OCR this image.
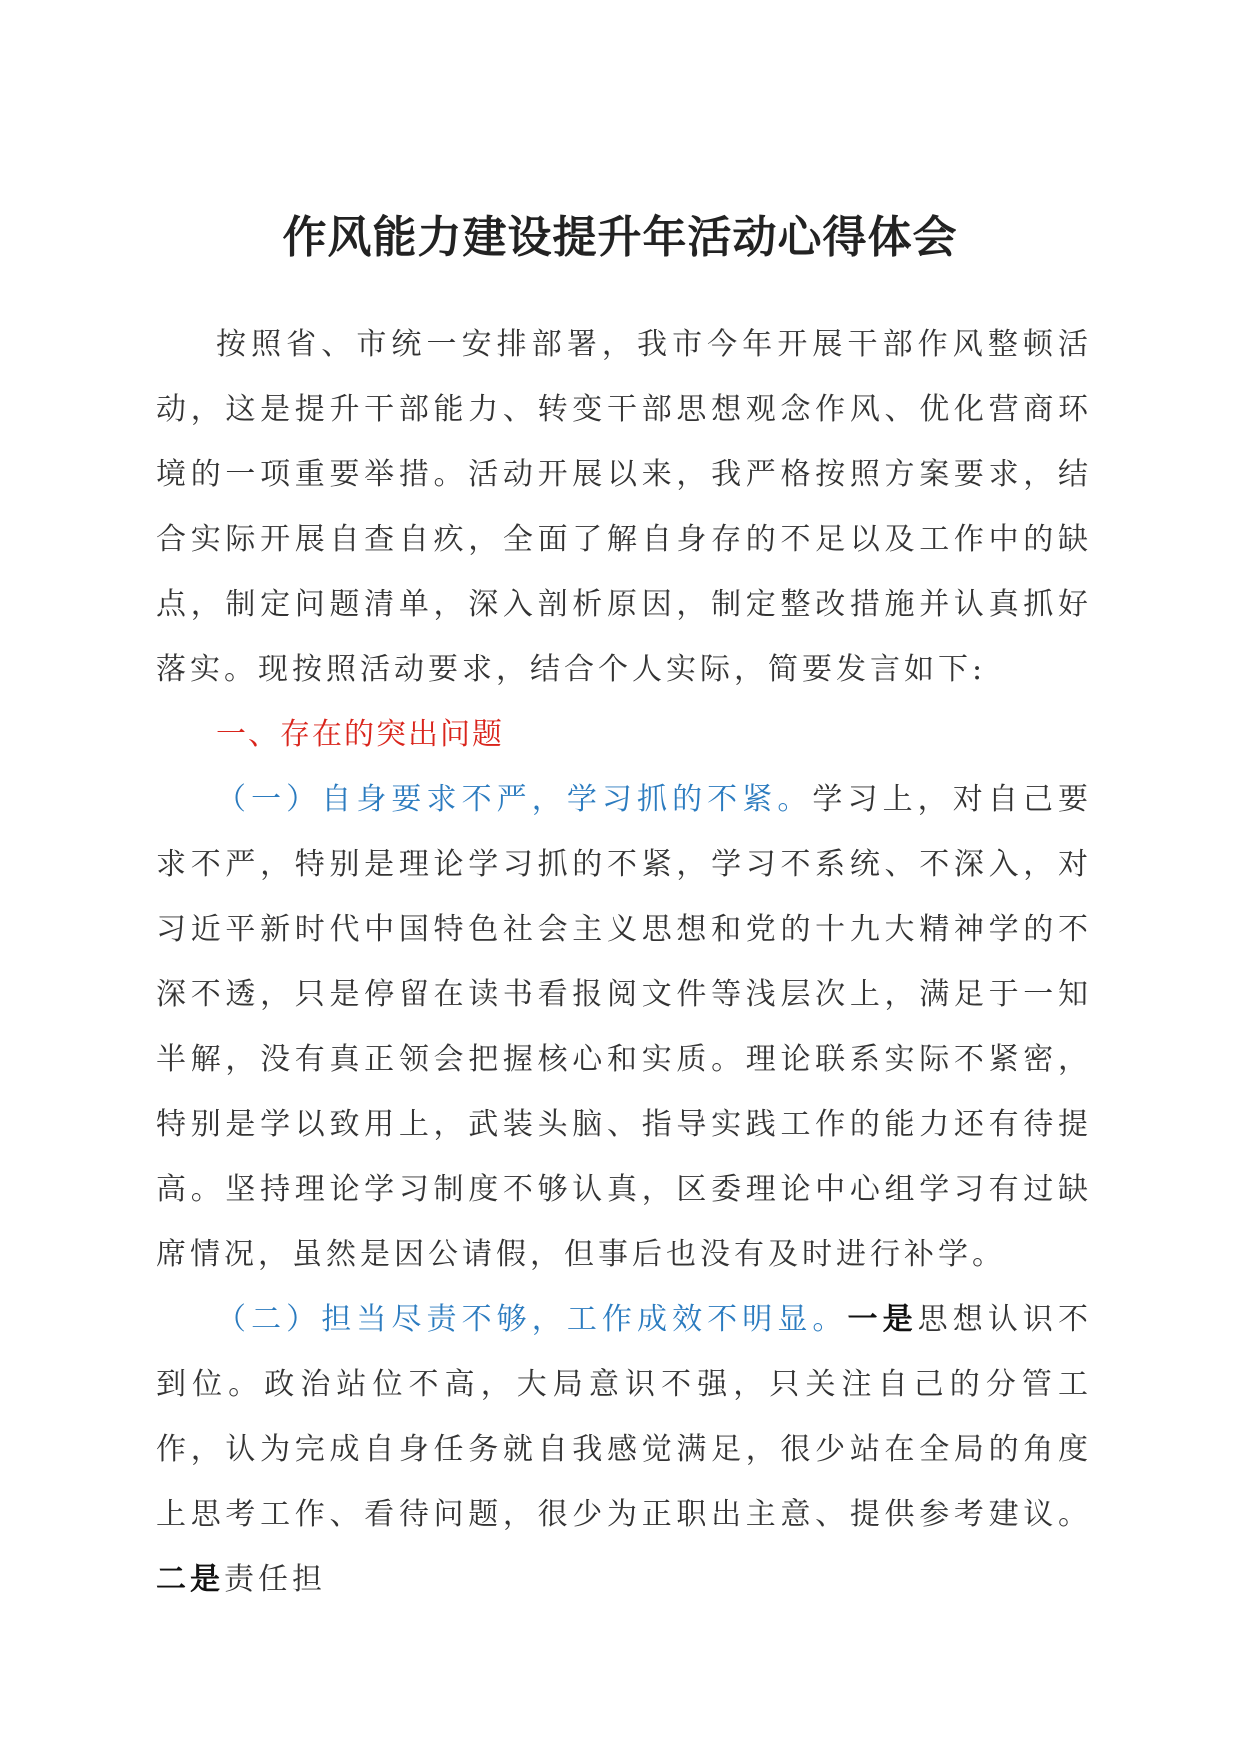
作风能力建设提升年活动心得体会

按照省、市统一安排部署，我市今年开展干部作风整顿活动，这是提升干部能力、转变干部思想观念作风、优化营商环境的一项重要举措。活动开展以来，我严格按照方案要求，结合实际开展自查自疚，全面了解自身存的不足以及工作中的缺点，制定问题清单，深入剖析原因，制定整改措施并认真抓好落实。现按照活动要求，结合个人实际，简要发言如下:

一、存在的突出问题

（一）自身要求不严，学习抓的不紧。学习上，对自己要求不严，特别是理论学习抓的不紧，学习不系统、不深入，对习近平新时代中国特色社会主义思想和党的十九大精神学的不深不透，只是停留在读书看报阅文件等浅层次上，满足于一知半解，没有真正领会把握核心和实质。理论联系实际不紧密，特别是学以致用上，武装头脑、指导实践工作的能力还有待提高。坚持理论学习制度不够认真，区委理论中心组学习有过缺席情况，虽然是因公请假，但事后也没有及时进行补学。

（二）担当尽责不够，工作成效不明显。一是思想认识不到位。政治站位不高，大局意识不强，只关注自己的分管工作，认为完成自身任务就自我感觉满足，很少站在全局的角度上思考工作、看待问题，很少为正职出主意、提供参考建议。二是责任担
